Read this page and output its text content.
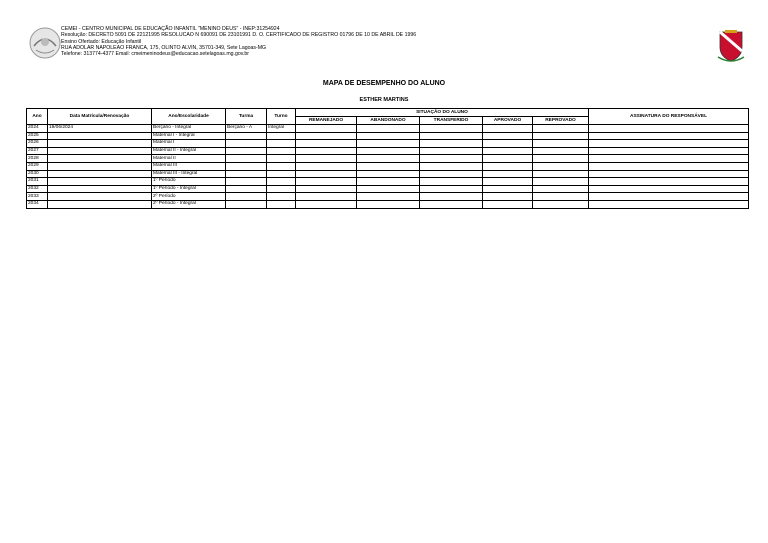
CEMEI - CENTRO MUNICIPAL DE EDUCAÇÃO INFANTIL "MENINO DEUS" - INEP:31254924
Resolução: DECRETO 5091 DE 22121995 RESOLUCAO N 690091 DE 23101991 D. O. CERTIFICADO DE REGISTRO 01796 DE 10 DE ABRIL DE 1996
Ensino Ofertado: Educação Infantil
RUA ADOLAR NAPOLEAO FRANCA, 175, OLINTO ALVIN, 35701-349, Sete Lagoas-MG
Telefone: 313774-4377 Email: cmeimeninodeus@educacao.setelagoas.mg.gov.br
MAPA DE DESEMPENHO DO ALUNO
ESTHER MARTINS
Ano	Data Matrícula/Renovação	Ano/Escolaridade	Turma	Turno	SITUAÇÃO DO ALUNO					ASSINATURA DO RESPONSÁVEL
					REMANEJADO	ABANDONADO	TRANSFERIDO	APROVADO	REPROVADO	
2024	19/06/2024	Berçário - Integral	Berçário - A	Integral						
2025		Maternal I - Integral								
2026		Maternal I								
2027		Maternal II - Integral								
2028		Maternal II								
2029		Maternal III								
2030		Maternal III - Integral								
2031		1º Período								
2032		1º Período - Integral								
2033		2º Período								
2034		2º Período - Integral								
